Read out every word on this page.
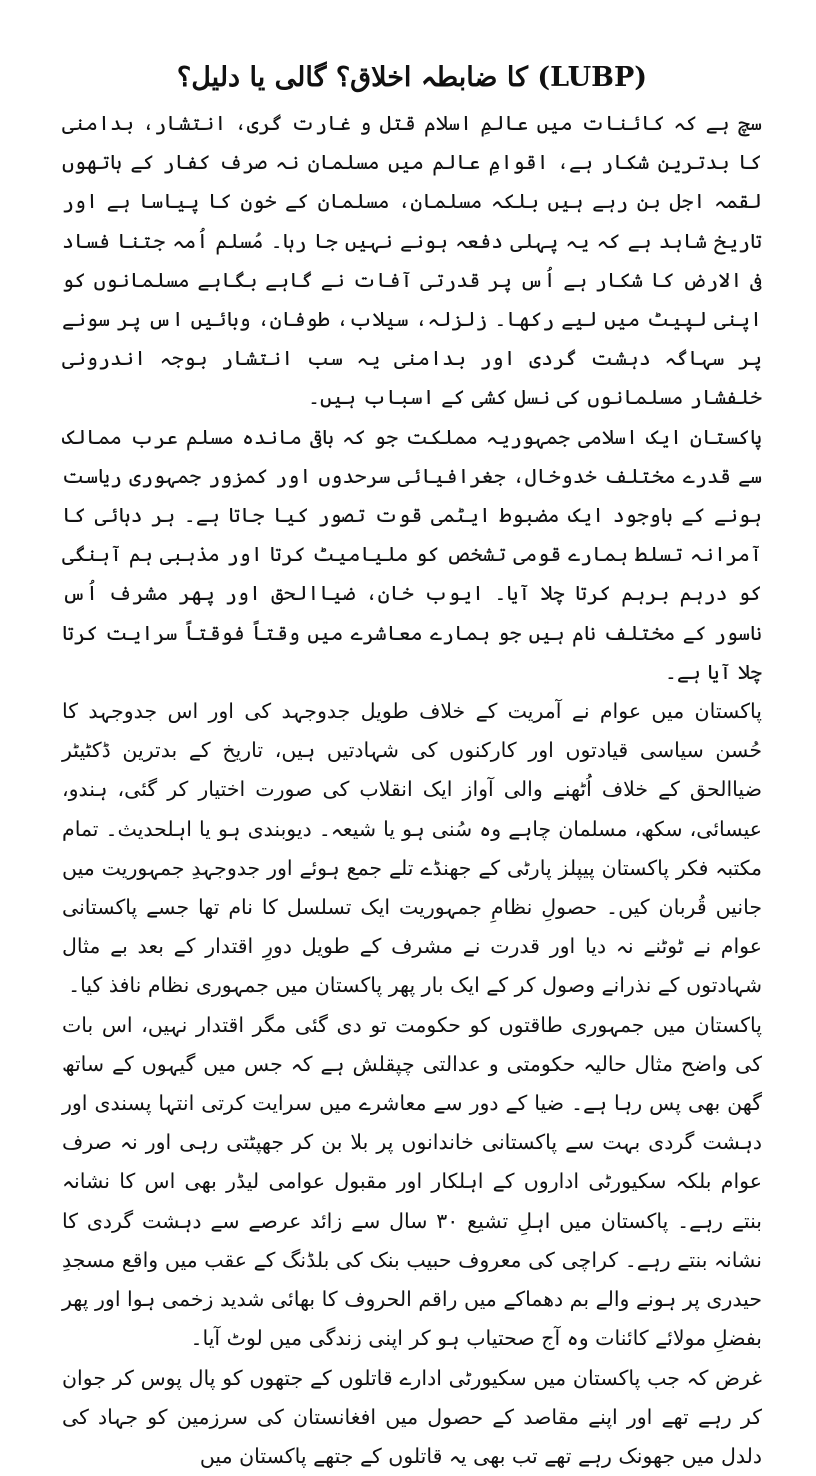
(LUBP) کا ضابطہ اخلاق؟ گالی یا دلیل؟

سچ ہے کہ کائنات میں عالمِ اسلام قتل و غارت گری، انتشار، بدامنی کا بدترین شکار ہے، اقوامِ عالم میں مسلمان نہ صرف کفار کے ہاتھوں لقمہ اجل بن رہے ہیں بلکہ مسلمان، مسلمان کے خون کا پیاسا ہے اور تاریخ شاہد ہے کہ یہ پہلی دفعہ ہونے نہیں جا رہا۔ مُسلم اُمہ جتنا فساد فی الارض کا شکار ہے اُس پر قدرتی آفات نے گاہے بگاہے مسلمانوں کو اپنی لپیٹ میں لیے رکھا۔ زلزلہ، سیلاب، طوفان، وبائیں اس پر سونے پر سہاگہ دہشت گردی اور بدامنی یہ سب انتشار بوجہ اندرونی خلفشار مسلمانوں کی نسل کشی کے اسباب ہیں۔

پاکستان ایک اسلامی جمہوریہ مملکت جو کہ باقی ماندہ مسلم عرب ممالک سے قدرے مختلف خدوخال، جغرافیائی سرحدوں اور کمزور جمہوری ریاست ہونے کے باوجود ایک مضبوط ایٹمی قوت تصور کیا جاتا ہے۔ ہر دہائی کا آمرانہ تسلط ہمارے قومی تشخص کو ملیامیٹ کرتا اور مذہبی ہم آہنگی کو درہم برہم کرتا چلا آیا۔ ایوب خان، ضیاالحق اور پھر مشرف اُس ناسور کے مختلف نام ہیں جو ہمارے معاشرے میں وقتاً فوقتاً سرایت کرتا چلا آیا ہے۔

پاکستان میں عوام نے آمریت کے خلاف طویل جدوجہد کی اور اس جدوجہد کا حُسن سیاسی قیادتوں اور کارکنوں کی شہادتیں ہیں، تاریخ کے بدترین ڈکٹیٹر ضیاالحق کے خلاف اُٹھنے والی آواز ایک انقلاب کی صورت اختیار کر گئی، ہندو، عیسائی، سکھ، مسلمان چاہے وہ سُنی ہو یا شیعہ۔ دیوبندی ہو یا اہلحدیث۔ تمام مکتبہ فکر پاکستان پیپلز پارٹی کے جھنڈے تلے جمع ہوئے اور جدوجہدِ جمہوریت میں جانیں قُربان کیں۔ حصولِ نظامِ جمہوریت ایک تسلسل کا نام تھا جسے پاکستانی عوام نے ٹوٹنے نہ دیا اور قدرت نے مشرف کے طویل دورِ اقتدار کے بعد بے مثال شہادتوں کے نذرانے وصول کر کے ایک بار پھر پاکستان میں جمہوری نظام نافذ کیا۔

پاکستان میں جمہوری طاقتوں کو حکومت تو دی گئی مگر اقتدار نہیں، اس بات کی واضح مثال حالیہ حکومتی و عدالتی چپقلش ہے کہ جس میں گیہوں کے ساتھ گھن بھی پس رہا ہے۔ ضیا کے دور سے معاشرے میں سرایت کرتی انتہا پسندی اور دہشت گردی بہت سے پاکستانی خاندانوں پر بلا بن کر جھپٹتی رہی اور نہ صرف عوام بلکہ سکیورٹی اداروں کے اہلکار اور مقبول عوامی لیڈر بھی اس کا نشانہ بنتے رہے۔ پاکستان میں اہلِ تشیع ۳۰ سال سے زائد عرصے سے دہشت گردی کا نشانہ بنتے رہے۔ کراچی کی معروف حبیب بنک کی بلڈنگ کے عقب میں واقع مسجدِ حیدری پر ہونے والے بم دھماکے میں راقم الحروف کا بھائی شدید زخمی ہوا اور پھر بفضلِ مولائے کائنات وہ آج صحتیاب ہو کر اپنی زندگی میں لوٹ آیا۔

غرض کہ جب پاکستان میں سکیورٹی ادارے قاتلوں کے جتھوں کو پال پوس کر جوان کر رہے تھے اور اپنے مقاصد کے حصول میں افغانستان کی سرزمین کو جہاد کی دلدل میں جھونک رہے تھے تب بھی یہ قاتلوں کے جتھے پاکستان میں
